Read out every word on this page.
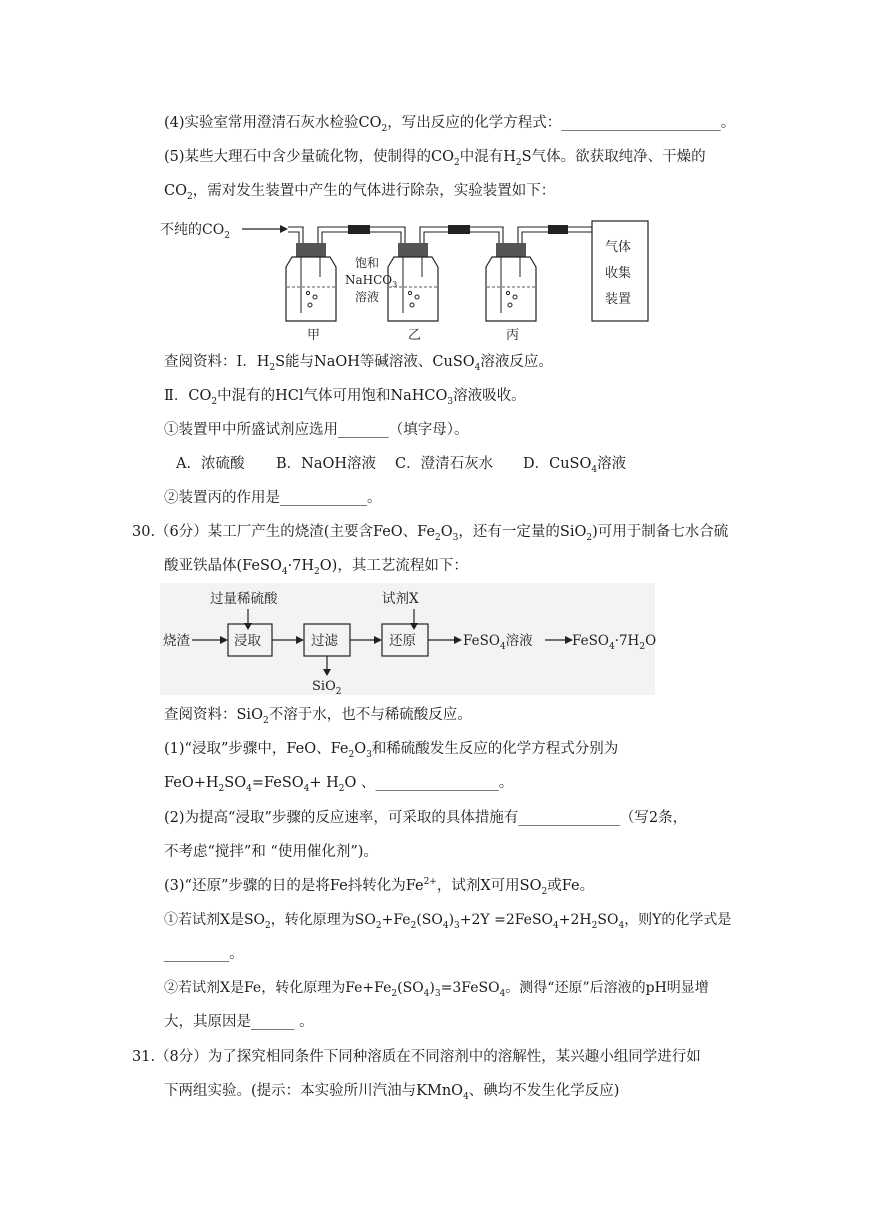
(4)实验室常用澄清石灰水检验$CO_2$，写出反应的化学方程式：______________________。
(5)某些大理石中含少量硫化物，使制得的$CO_2$中混有$H_2S$气体。欲获取纯净、干燥的
$CO_2$，需对发生装置中产生的气体进行除杂，实验装置如下：
不纯的$CO_2$
甲
饱和
NaHCO$_3$
溶液
乙	丙
气体
收集
装置
查阅资料：I．$H_2S$能与NaOH等碱溶液、CuSO$_4$溶液反应。
Ⅱ．$CO_2$中混有的HCl气体可用饱和NaHCO$_3$溶液吸收。
①装置甲中所盛试剂应选用_______（填字母）。
A．浓硫酸 B．NaOH溶液 C．澄清石灰水 D．CuSO$_4$溶液
②装置丙的作用是____________。
30.（6分）某工厂产生的烧渣(主要含FeO、$Fe_2O_3$，还有一定量的SiO$_2$)可用于制备七水合硫
酸亚铁晶体$(FeSO_4\cdot 7H_2O)$，其工艺流程如下：
过量稀硫酸	试剂X
烧渣	浸取	过滤
SiO$_2$
还原	FeSO$_4$溶液	$FeSO_4\cdot 7H_2O$
查阅资料：SiO$_2$不溶于水，也不与稀硫酸反应。
(1)“浸取”步骤中，FeO、$Fe_2O_3$和稀硫酸发生反应的化学方程式分别为
$FeO+H_2SO_4=FeSO_4+ H_2O$ 、_________________。
(2)为提高“浸取”步骤的反应速率，可采取的具体措施有______________（写2条，
不考虑“搅拌”和 “使用催化剂”)。
(3)“还原”步骤的日的是将Fe抖转化为$Fe^{2+}$，试剂X可用$SO_2$或Fe。
①若试剂X是$SO_2$，转化原理为$SO_2+Fe_2(SO_4)_3+2Y$ $=2FeSO_4+2H_2SO_4$，则Y的化学式是
_________。
②若试剂X是Fe，转化原理为$Fe+Fe_2(SO_4)_3=3FeSO_4$。测得“还原”后溶液的pH明显增
大，其原因是______ 。
31.（8分）为了探究相同条件下同种溶质在不同溶剂中的溶解性，某兴趣小组同学进行如
下两组实验。(提示：本实验所川汽油与KMnO$_4$、碘均不发生化学反应)
